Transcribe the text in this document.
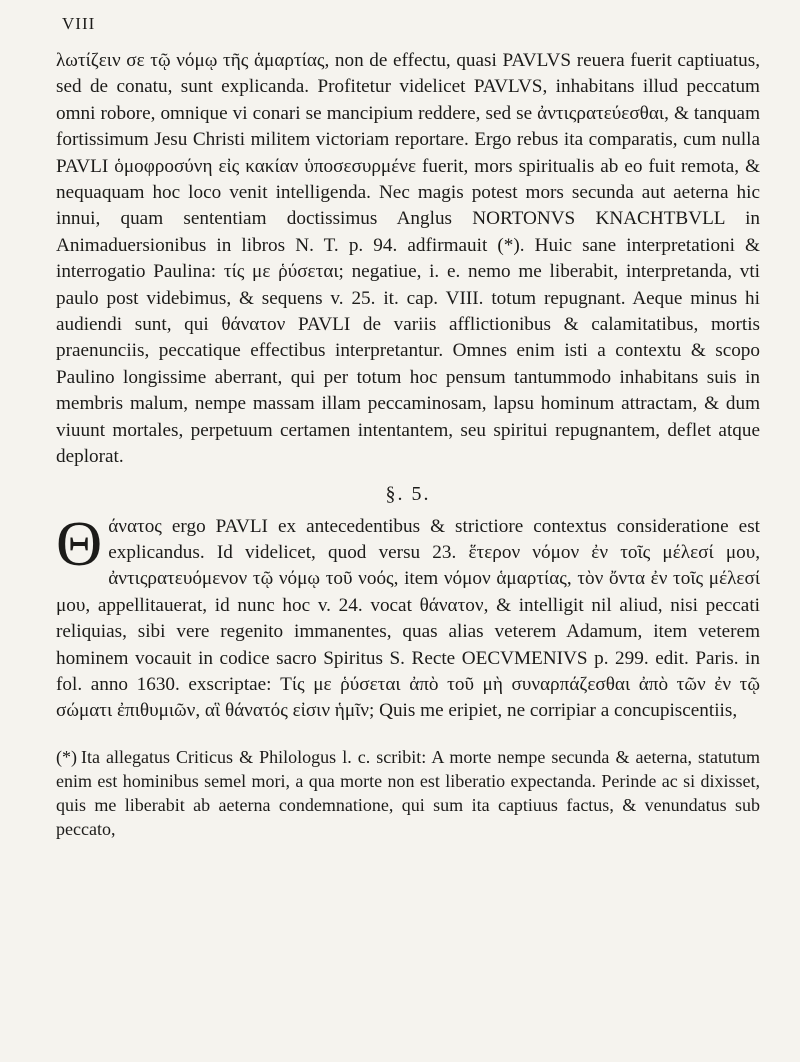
VIII

λωτίζειν σε τῷ νόμῳ τῆς ἁμαρτίας, non de effectu, quasi PAVLVS reuera fuerit captiuatus, sed de conatu, sunt explicanda. Profitetur videlicet PAVLVS, inhabitans illud peccatum omni robore, omnique vi conari se mancipium reddere, sed se ἀντιςρατεύεσθαι, & tanquam fortissimum Jesu Christi militem victoriam reportare. Ergo rebus ita comparatis, cum nulla PAVLI ὁμοφροσύνη εἰς κακίαν ὑποσεσυρμένε fuerit, mors spiritualis ab eo fuit remota, & nequaquam hoc loco venit intelligenda. Nec magis potest mors secunda aut aeterna hic innui, quam sententiam doctissimus Anglus NORTONVS KNACHTBVLL in Animaduersionibus in libros N. T. p. 94. adfirmauit (*). Huic sane interpretationi & interrogatio Paulina: τίς με ῥύσεται; negatiue, i. e. nemo me liberabit, interpretanda, vti paulo post videbimus, & sequens v. 25. it. cap. VIII. totum repugnant. Aeque minus hi audiendi sunt, qui θάνατον PAVLI de variis afflictionibus & calamitatibus, mortis praenunciis, peccatique effectibus interpretantur. Omnes enim isti a contextu & scopo Paulino longissime aberrant, qui per totum hoc pensum tantummodo inhabitans suis in membris malum, nempe massam illam peccaminosam, lapsu hominum attractam, & dum viuunt mortales, perpetuum certamen intentantem, seu spiritui repugnantem, deflet atque deplorat.

§. 5.

Θάνατος ergo PAVLI ex antecedentibus & strictiore contextus consideratione est explicandus. Id videlicet, quod versu 23. ἕτερον νόμον ἐν τοῖς μέλεσί μου, ἀντιςρατευόμενον τῷ νόμῳ τοῦ νοός, item νόμον ἁμαρτίας, τὸν ὄντα ἐν τοῖς μέλεσί μου, appellitauerat, id nunc hoc v. 24. vocat θάνατον, & intelligit nil aliud, nisi peccati reliquias, sibi vere regenito immanentes, quas alias veterem Adamum, item veterem hominem vocauit in codice sacro Spiritus S. Recte OECVMENIVS p. 299. edit. Paris. in fol. anno 1630. exscriptae: Τίς με ῥύσεται ἀπὸ τοῦ μὴ συναρπάζεσθαι ἀπὸ τῶν ἐν τῷ σώματι ἐπιθυμιῶν, αἳ θάνατός εἰσιν ἡμῖν; Quis me eripiet, ne corripiar a concupiscentiis,

(*) Ita allegatus Criticus & Philologus l. c. scribit: A morte nempe secunda & aeterna, statutum enim est hominibus semel mori, a qua morte non est liberatio expectanda. Perinde ac si dixisset, quis me liberabit ab aeterna condemnatione, qui sum ita captiuus factus, & venundatus sub peccato,
